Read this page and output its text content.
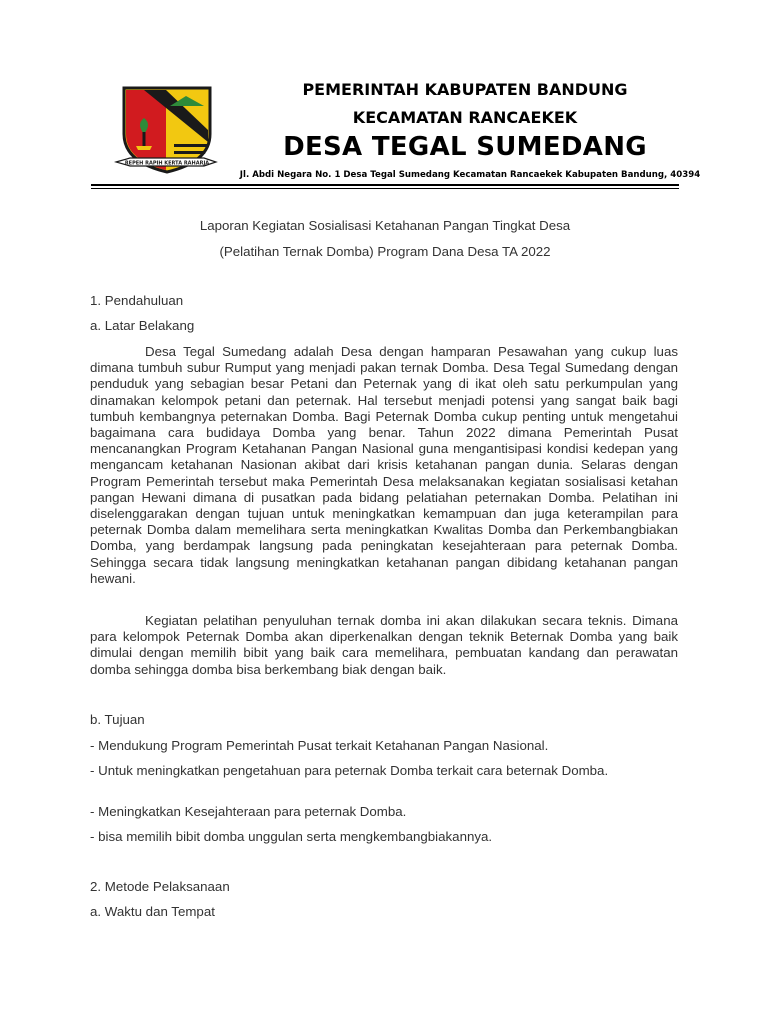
REPEH RAPIH KERTA RAHARJA
PEMERINTAH KABUPATEN BANDUNG
KECAMATAN RANCAEKEK
DESA TEGAL SUMEDANG
Jl. Abdi Negara No. 1 Desa Tegal Sumedang Kecamatan Rancaekek Kabupaten Bandung, 40394
Laporan Kegiatan Sosialisasi Ketahanan Pangan Tingkat Desa
(Pelatihan Ternak Domba) Program Dana Desa TA 2022
1. Pendahuluan
a. Latar Belakang

Desa Tegal Sumedang adalah Desa dengan hamparan Pesawahan yang cukup luas dimana tumbuh subur Rumput yang menjadi pakan ternak Domba. Desa Tegal Sumedang dengan penduduk yang sebagian besar Petani dan Peternak yang di ikat oleh satu perkumpulan yang dinamakan kelompok petani dan peternak. Hal tersebut menjadi potensi yang sangat baik bagi tumbuh kembangnya peternakan Domba. Bagi Peternak Domba cukup penting untuk mengetahui bagaimana cara budidaya Domba yang benar. Tahun 2022 dimana Pemerintah Pusat mencanangkan Program Ketahanan Pangan Nasional guna mengantisipasi kondisi kedepan yang mengancam ketahanan Nasionan akibat dari krisis ketahanan pangan dunia. Selaras dengan Program Pemerintah tersebut maka Pemerintah Desa melaksanakan kegiatan sosialisasi ketahan pangan Hewani dimana di pusatkan pada bidang pelatiahan peternakan Domba. Pelatihan ini diselenggarakan dengan tujuan untuk meningkatkan kemampuan dan juga keterampilan para peternak Domba dalam memelihara serta meningkatkan Kwalitas Domba dan Perkembangbiakan Domba, yang berdampak langsung pada peningkatan kesejahteraan para peternak Domba. Sehingga secara tidak langsung meningkatkan ketahanan pangan dibidang ketahanan pangan hewani.

Kegiatan pelatihan penyuluhan ternak domba ini akan dilakukan secara teknis. Dimana para kelompok Peternak Domba akan diperkenalkan dengan teknik Beternak Domba yang baik dimulai dengan memilih bibit yang baik cara memelihara, pembuatan kandang dan perawatan domba sehingga domba bisa berkembang biak dengan baik.

b. Tujuan

- Mendukung Program Pemerintah Pusat terkait Ketahanan Pangan Nasional.

- Untuk meningkatkan pengetahuan para peternak Domba terkait cara beternak Domba.

- Meningkatkan Kesejahteraan para peternak Domba.

- bisa memilih bibit domba unggulan serta mengkembangbiakannya.

2. Metode Pelaksanaan
a. Waktu dan Tempat
